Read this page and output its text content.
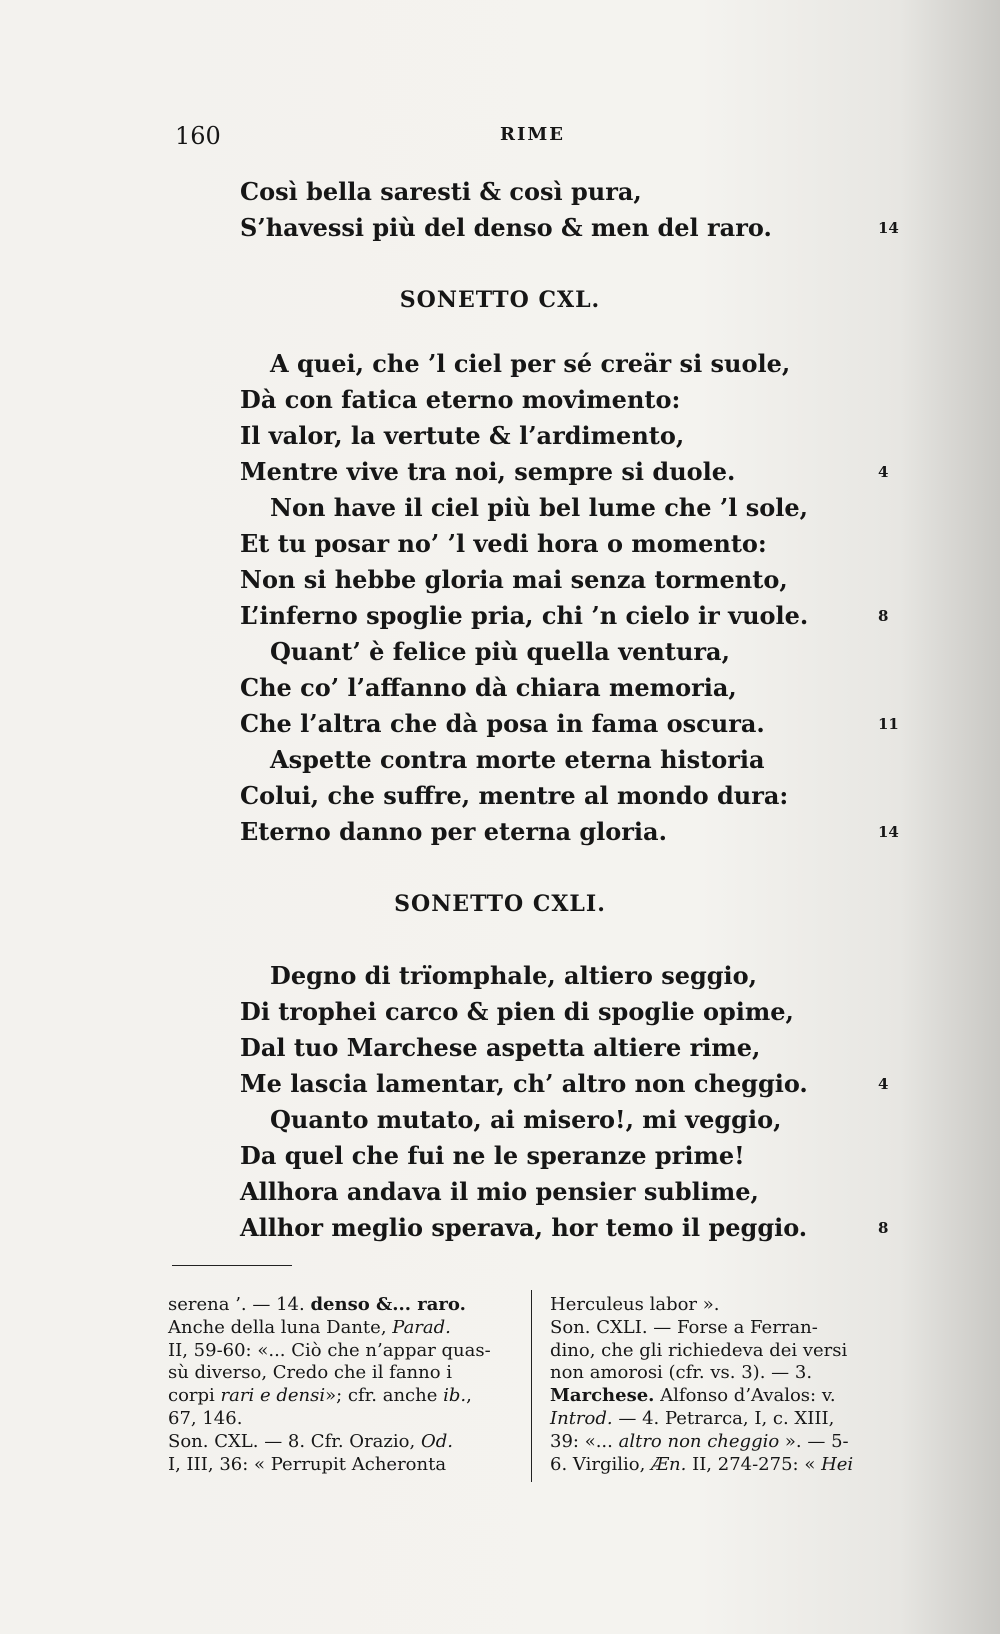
160	RIME
Così bella saresti & così pura,
S’havessi più del denso & men del raro.	14
SONETTO CXL.
A quei, che ’l ciel per sé creär si suole,
Dà con fatica eterno movimento:
Il valor, la vertute & l’ardimento,
Mentre vive tra noi, sempre si duole.	4
Non have il ciel più bel lume che ’l sole,
Et tu posar no’ ’l vedi hora o momento:
Non si hebbe gloria mai senza tormento,
L’inferno spoglie pria, chi ’n cielo ir vuole.	8
Quant’ è felice più quella ventura,
Che co’ l’affanno dà chiara memoria,
Che l’altra che dà posa in fama oscura.	11
Aspette contra morte eterna historia
Colui, che suffre, mentre al mondo dura:
Eterno danno per eterna gloria.	14
SONETTO CXLI.
Degno di trïomphale, altiero seggio,
Di trophei carco & pien di spoglie opime,
Dal tuo Marchese aspetta altiere rime,
Me lascia lamentar, ch’ altro non cheggio.	4
Quanto mutato, ai misero!, mi veggio,
Da quel che fui ne le speranze prime!
Allhora andava il mio pensier sublime,
Allhor meglio sperava, hor temo il peggio.	8

serena ’. — 14. denso &... raro.

Anche della luna Dante, Parad.

II, 59-60: «... Ciò che n’appar quas-

sù diverso, Credo che il fanno i

corpi rari e densi»; cfr. anche ib.,

67, 146.

Son. CXL. — 8. Cfr. Orazio, Od.

I, III, 36: « Perrupit Acheronta

Herculeus labor ».

Son. CXLI. — Forse a Ferran-

dino, che gli richiedeva dei versi

non amorosi (cfr. vs. 3). — 3.

Marchese. Alfonso d’Avalos: v.

Introd. — 4. Petrarca, I, c. XIII,

39: «... altro non cheggio ». — 5-

6. Virgilio, Æn. II, 274-275: « Hei
